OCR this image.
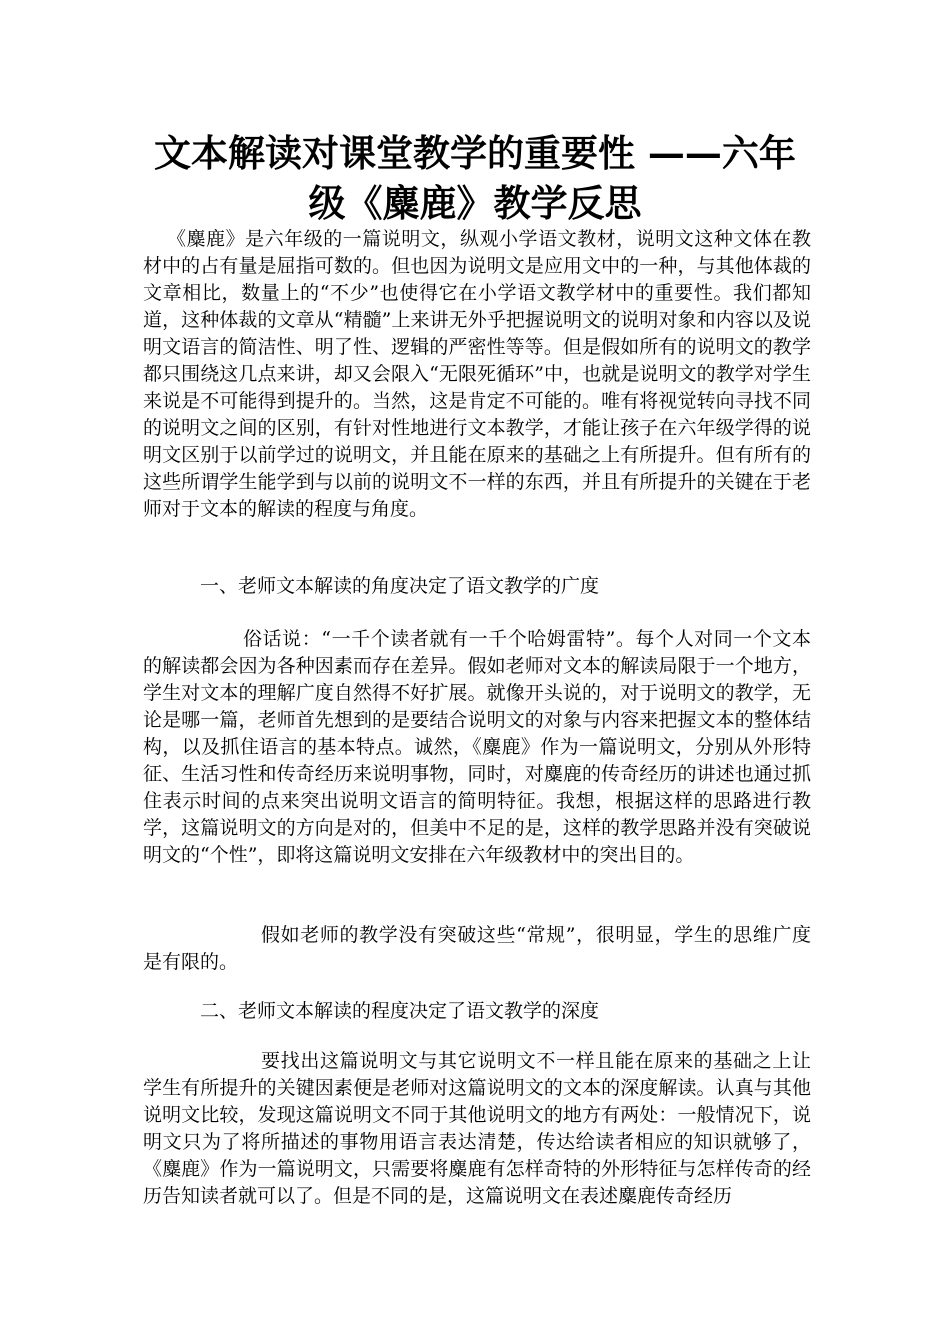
文本解读对课堂教学的重要性 ——六年级《麋鹿》教学反思

《麋鹿》是六年级的一篇说明文，纵观小学语文教材，说明文这种文体在教材中的占有量是屈指可数的。但也因为说明文是应用文中的一种，与其他体裁的文章相比，数量上的“不少”也使得它在小学语文教学材中的重要性。我们都知道，这种体裁的文章从“精髓”上来讲无外乎把握说明文的说明对象和内容以及说明文语言的简洁性、明了性、逻辑的严密性等等。但是假如所有的说明文的教学都只围绕这几点来讲，却又会限入“无限死循环”中，也就是说明文的教学对学生来说是不可能得到提升的。当然，这是肯定不可能的。唯有将视觉转向寻找不同的说明文之间的区别，有针对性地进行文本教学，才能让孩子在六年级学得的说明文区别于以前学过的说明文，并且能在原来的基础之上有所提升。但有所有的这些所谓学生能学到与以前的说明文不一样的东西，并且有所提升的关键在于老师对于文本的解读的程度与角度。

一、老师文本解读的角度决定了语文教学的广度

俗话说：“一千个读者就有一千个哈姆雷特”。每个人对同一个文本的解读都会因为各种因素而存在差异。假如老师对文本的解读局限于一个地方，学生对文本的理解广度自然得不好扩展。就像开头说的，对于说明文的教学，无论是哪一篇，老师首先想到的是要结合说明文的对象与内容来把握文本的整体结构，以及抓住语言的基本特点。诚然，《麋鹿》作为一篇说明文，分别从外形特征、生活习性和传奇经历来说明事物，同时，对麋鹿的传奇经历的讲述也通过抓住表示时间的点来突出说明文语言的简明特征。我想，根据这样的思路进行教学，这篇说明文的方向是对的，但美中不足的是，这样的教学思路并没有突破说明文的“个性”，即将这篇说明文安排在六年级教材中的突出目的。

假如老师的教学没有突破这些“常规”，很明显，学生的思维广度是有限的。

二、老师文本解读的程度决定了语文教学的深度

要找出这篇说明文与其它说明文不一样且能在原来的基础之上让学生有所提升的关键因素便是老师对这篇说明文的文本的深度解读。认真与其他说明文比较，发现这篇说明文不同于其他说明文的地方有两处：一般情况下，说明文只为了将所描述的事物用语言表达清楚，传达给读者相应的知识就够了，《麋鹿》作为一篇说明文，只需要将麋鹿有怎样奇特的外形特征与怎样传奇的经历告知读者就可以了。但是不同的是，这篇说明文在表述麋鹿传奇经历
